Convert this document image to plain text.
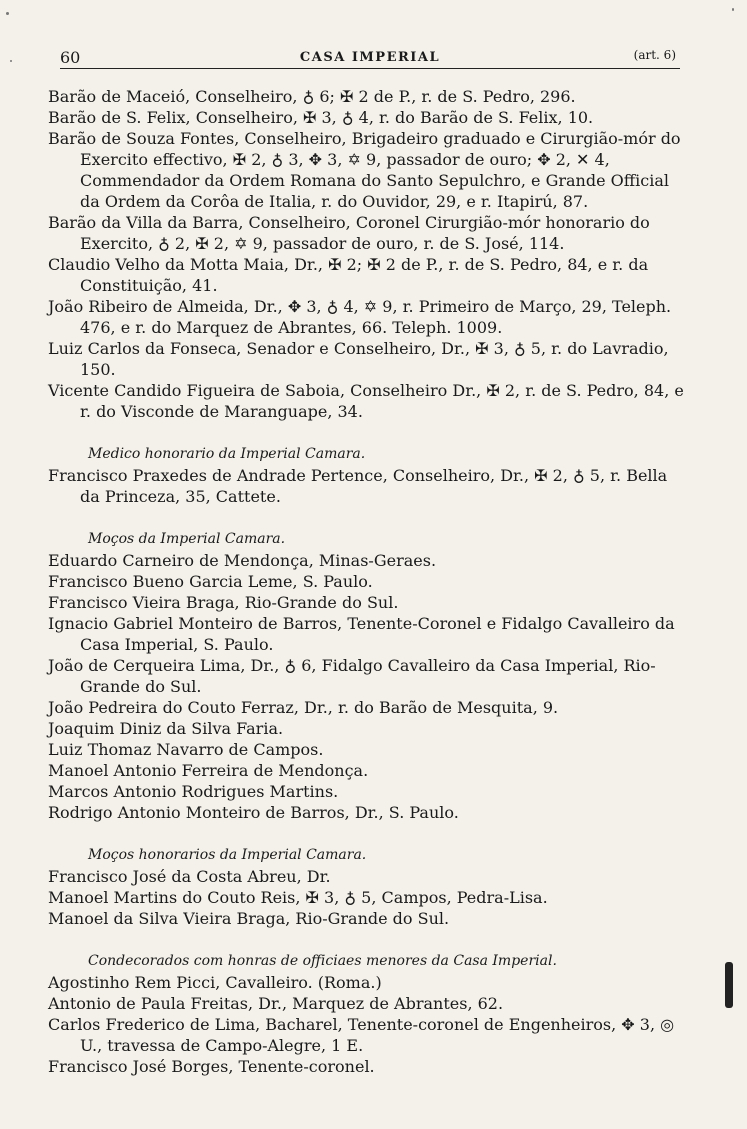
60	CASA IMPERIAL	(art. 6)

Barão de Maceió, Conselheiro, ♁ 6; ✠ 2 de P., r. de S. Pedro, 296.

Barão de S. Felix, Conselheiro, ✠ 3, ♁ 4, r. do Barão de S. Felix, 10.

Barão de Souza Fontes, Conselheiro, Brigadeiro graduado e Cirurgião-mór do Exercito effectivo, ✠ 2, ♁ 3, ✥ 3, ✡ 9, passador de ouro; ✥ 2, ✕ 4, Commendador da Ordem Romana do Santo Sepulchro, e Grande Official da Ordem da Corôa de Italia, r. do Ouvidor, 29, e r. Itapirú, 87.

Barão da Villa da Barra, Conselheiro, Coronel Cirurgião-mór honorario do Exercito, ♁ 2, ✠ 2, ✡ 9, passador de ouro, r. de S. José, 114.

Claudio Velho da Motta Maia, Dr., ✠ 2; ✠ 2 de P., r. de S. Pedro, 84, e r. da Constituição, 41.

João Ribeiro de Almeida, Dr., ✥ 3, ♁ 4, ✡ 9, r. Primeiro de Março, 29, Teleph. 476, e r. do Marquez de Abrantes, 66. Teleph. 1009.

Luiz Carlos da Fonseca, Senador e Conselheiro, Dr., ✠ 3, ♁ 5, r. do Lavradio, 150.

Vicente Candido Figueira de Saboia, Conselheiro Dr., ✠ 2, r. de S. Pedro, 84, e r. do Visconde de Maranguape, 34.

Medico honorario da Imperial Camara.

Francisco Praxedes de Andrade Pertence, Conselheiro, Dr., ✠ 2, ♁ 5, r. Bella da Princeza, 35, Cattete.

Moços da Imperial Camara.

Eduardo Carneiro de Mendonça, Minas-Geraes.

Francisco Bueno Garcia Leme, S. Paulo.

Francisco Vieira Braga, Rio-Grande do Sul.

Ignacio Gabriel Monteiro de Barros, Tenente-Coronel e Fidalgo Cavalleiro da Casa Imperial, S. Paulo.

João de Cerqueira Lima, Dr., ♁ 6, Fidalgo Cavalleiro da Casa Imperial, Rio-Grande do Sul.

João Pedreira do Couto Ferraz, Dr., r. do Barão de Mesquita, 9.

Joaquim Diniz da Silva Faria.

Luiz Thomaz Navarro de Campos.

Manoel Antonio Ferreira de Mendonça.

Marcos Antonio Rodrigues Martins.

Rodrigo Antonio Monteiro de Barros, Dr., S. Paulo.

Moços honorarios da Imperial Camara.

Francisco José da Costa Abreu, Dr.

Manoel Martins do Couto Reis, ✠ 3, ♁ 5, Campos, Pedra-Lisa.

Manoel da Silva Vieira Braga, Rio-Grande do Sul.

Condecorados com honras de officiaes menores da Casa Imperial.

Agostinho Rem Picci, Cavalleiro. (Roma.)

Antonio de Paula Freitas, Dr., Marquez de Abrantes, 62.

Carlos Frederico de Lima, Bacharel, Tenente-coronel de Engenheiros, ✥ 3, ◎ U., travessa de Campo-Alegre, 1 E.

Francisco José Borges, Tenente-coronel.
